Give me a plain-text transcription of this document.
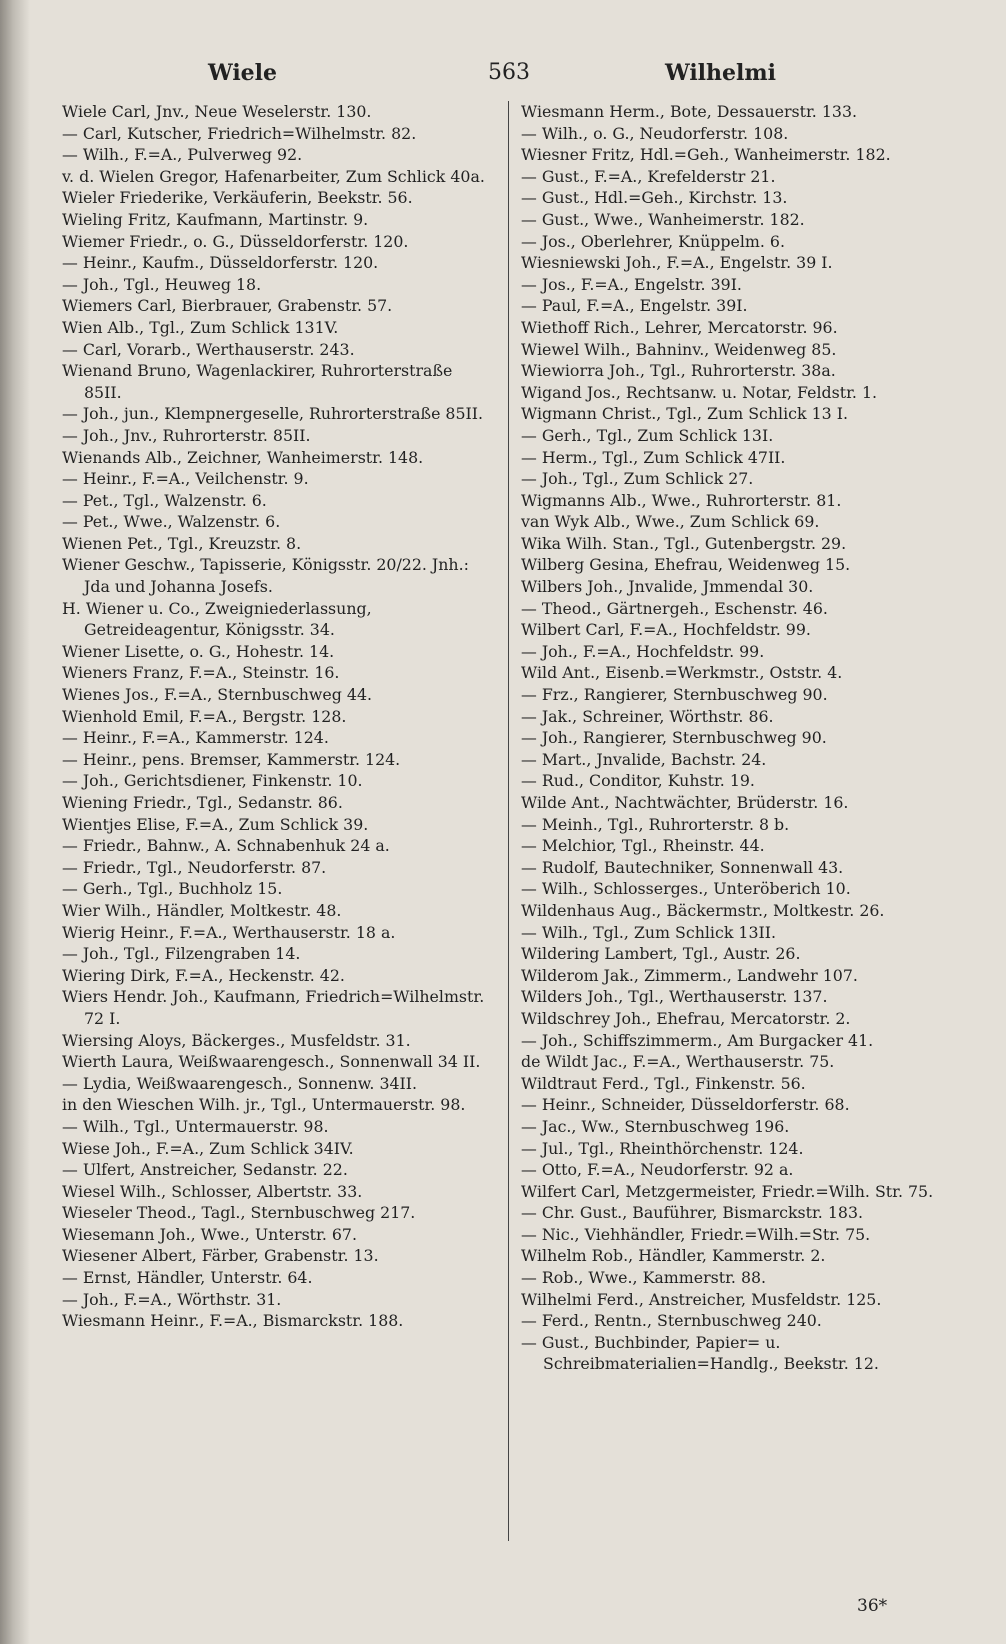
Wiele	563	Wilhelmi

Wiele Carl, Jnv., Neue Weselerstr. 130.

— Carl, Kutscher, Friedrich=Wilhelmstr. 82.

— Wilh., F.=A., Pulverweg 92.

v. d. Wielen Gregor, Hafenarbeiter, Zum Schlick 40a.

Wieler Friederike, Verkäuferin, Beekstr. 56.

Wieling Fritz, Kaufmann, Martinstr. 9.

Wiemer Friedr., o. G., Düsseldorferstr. 120.

— Heinr., Kaufm., Düsseldorferstr. 120.

— Joh., Tgl., Heuweg 18.

Wiemers Carl, Bierbrauer, Grabenstr. 57.

Wien Alb., Tgl., Zum Schlick 131V.

— Carl, Vorarb., Werthauserstr. 243.

Wienand Bruno, Wagenlackirer, Ruhrorterstraße 85II.

— Joh., jun., Klempnergeselle, Ruhrorterstraße 85II.

— Joh., Jnv., Ruhrorterstr. 85II.

Wienands Alb., Zeichner, Wanheimerstr. 148.

— Heinr., F.=A., Veilchenstr. 9.

— Pet., Tgl., Walzenstr. 6.

— Pet., Wwe., Walzenstr. 6.

Wienen Pet., Tgl., Kreuzstr. 8.

Wiener Geschw., Tapisserie, Königsstr. 20/22. Jnh.: Jda und Johanna Josefs.

H. Wiener u. Co., Zweigniederlassung, Getreideagentur, Königsstr. 34.

Wiener Lisette, o. G., Hohestr. 14.

Wieners Franz, F.=A., Steinstr. 16.

Wienes Jos., F.=A., Sternbuschweg 44.

Wienhold Emil, F.=A., Bergstr. 128.

— Heinr., F.=A., Kammerstr. 124.

— Heinr., pens. Bremser, Kammerstr. 124.

— Joh., Gerichtsdiener, Finkenstr. 10.

Wiening Friedr., Tgl., Sedanstr. 86.

Wientjes Elise, F.=A., Zum Schlick 39.

— Friedr., Bahnw., A. Schnabenhuk 24 a.

— Friedr., Tgl., Neudorferstr. 87.

— Gerh., Tgl., Buchholz 15.

Wier Wilh., Händler, Moltkestr. 48.

Wierig Heinr., F.=A., Werthauserstr. 18 a.

— Joh., Tgl., Filzengraben 14.

Wiering Dirk, F.=A., Heckenstr. 42.

Wiers Hendr. Joh., Kaufmann, Friedrich=Wilhelmstr. 72 I.

Wiersing Aloys, Bäckerges., Musfeldstr. 31.

Wierth Laura, Weißwaarengesch., Sonnenwall 34 II.

— Lydia, Weißwaarengesch., Sonnenw. 34II.

in den Wieschen Wilh. jr., Tgl., Untermauerstr. 98.

— Wilh., Tgl., Untermauerstr. 98.

Wiese Joh., F.=A., Zum Schlick 34IV.

— Ulfert, Anstreicher, Sedanstr. 22.

Wiesel Wilh., Schlosser, Albertstr. 33.

Wieseler Theod., Tagl., Sternbuschweg 217.

Wiesemann Joh., Wwe., Unterstr. 67.

Wiesener Albert, Färber, Grabenstr. 13.

— Ernst, Händler, Unterstr. 64.

— Joh., F.=A., Wörthstr. 31.

Wiesmann Heinr., F.=A., Bismarckstr. 188.

Wiesmann Herm., Bote, Dessauerstr. 133.

— Wilh., o. G., Neudorferstr. 108.

Wiesner Fritz, Hdl.=Geh., Wanheimerstr. 182.

— Gust., F.=A., Krefelderstr 21.

— Gust., Hdl.=Geh., Kirchstr. 13.

— Gust., Wwe., Wanheimerstr. 182.

— Jos., Oberlehrer, Knüppelm. 6.

Wiesniewski Joh., F.=A., Engelstr. 39 I.

— Jos., F.=A., Engelstr. 39I.

— Paul, F.=A., Engelstr. 39I.

Wiethoff Rich., Lehrer, Mercatorstr. 96.

Wiewel Wilh., Bahninv., Weidenweg 85.

Wiewiorra Joh., Tgl., Ruhrorterstr. 38a.

Wigand Jos., Rechtsanw. u. Notar, Feldstr. 1.

Wigmann Christ., Tgl., Zum Schlick 13 I.

— Gerh., Tgl., Zum Schlick 13I.

— Herm., Tgl., Zum Schlick 47II.

— Joh., Tgl., Zum Schlick 27.

Wigmanns Alb., Wwe., Ruhrorterstr. 81.

van Wyk Alb., Wwe., Zum Schlick 69.

Wika Wilh. Stan., Tgl., Gutenbergstr. 29.

Wilberg Gesina, Ehefrau, Weidenweg 15.

Wilbers Joh., Jnvalide, Jmmendal 30.

— Theod., Gärtnergeh., Eschenstr. 46.

Wilbert Carl, F.=A., Hochfeldstr. 99.

— Joh., F.=A., Hochfeldstr. 99.

Wild Ant., Eisenb.=Werkmstr., Oststr. 4.

— Frz., Rangierer, Sternbuschweg 90.

— Jak., Schreiner, Wörthstr. 86.

— Joh., Rangierer, Sternbuschweg 90.

— Mart., Jnvalide, Bachstr. 24.

— Rud., Conditor, Kuhstr. 19.

Wilde Ant., Nachtwächter, Brüderstr. 16.

— Meinh., Tgl., Ruhrorterstr. 8 b.

— Melchior, Tgl., Rheinstr. 44.

— Rudolf, Bautechniker, Sonnenwall 43.

— Wilh., Schlosserges., Unteröberich 10.

Wildenhaus Aug., Bäckermstr., Moltkestr. 26.

— Wilh., Tgl., Zum Schlick 13II.

Wildering Lambert, Tgl., Austr. 26.

Wilderom Jak., Zimmerm., Landwehr 107.

Wilders Joh., Tgl., Werthauserstr. 137.

Wildschrey Joh., Ehefrau, Mercatorstr. 2.

— Joh., Schiffszimmerm., Am Burgacker 41.

de Wildt Jac., F.=A., Werthauserstr. 75.

Wildtraut Ferd., Tgl., Finkenstr. 56.

— Heinr., Schneider, Düsseldorferstr. 68.

— Jac., Ww., Sternbuschweg 196.

— Jul., Tgl., Rheinthörchenstr. 124.

— Otto, F.=A., Neudorferstr. 92 a.

Wilfert Carl, Metzgermeister, Friedr.=Wilh. Str. 75.

— Chr. Gust., Bauführer, Bismarckstr. 183.

— Nic., Viehhändler, Friedr.=Wilh.=Str. 75.

Wilhelm Rob., Händler, Kammerstr. 2.

— Rob., Wwe., Kammerstr. 88.

Wilhelmi Ferd., Anstreicher, Musfeldstr. 125.

— Ferd., Rentn., Sternbuschweg 240.

— Gust., Buchbinder, Papier= u. Schreibmaterialien=Handlg., Beekstr. 12.

36*
